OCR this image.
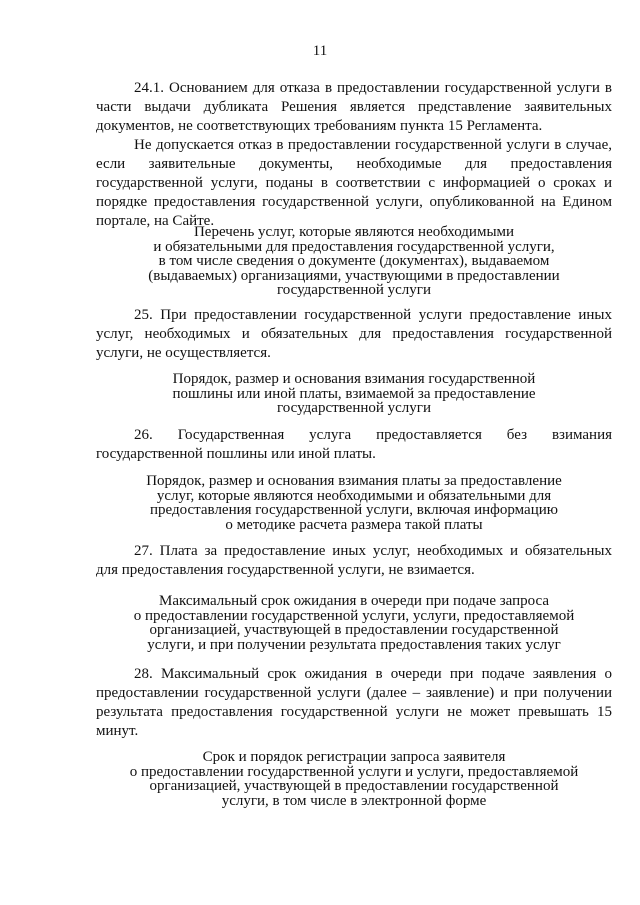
11

24.1. Основанием для отказа в предоставлении государственной услуги в части выдачи дубликата Решения является представление заявительных документов, не соответствующих требованиям пункта 15 Регламента.

Не допускается отказ в предоставлении государственной услуги в случае, если заявительные документы, необходимые для предоставления государственной услуги, поданы в соответствии с информацией о сроках и порядке предоставления государственной услуги, опубликованной на Едином портале, на Сайте.

Перечень услуг, которые являются необходимыми
и обязательными для предоставления государственной услуги,
в том числе сведения о документе (документах), выдаваемом
(выдаваемых) организациями, участвующими в предоставлении
государственной услуги

25. При предоставлении государственной услуги предоставление иных услуг, необходимых и обязательных для предоставления государственной услуги, не осуществляется.

Порядок, размер и основания взимания государственной
пошлины или иной платы, взимаемой за предоставление
государственной услуги

26. Государственная услуга предоставляется без взимания государственной пошлины или иной платы.

Порядок, размер и основания взимания платы за предоставление
услуг, которые являются необходимыми и обязательными для
предоставления государственной услуги, включая информацию
о методике расчета размера такой платы

27. Плата за предоставление иных услуг, необходимых и обязательных для предоставления государственной услуги, не взимается.

Максимальный срок ожидания в очереди при подаче запроса
о предоставлении государственной услуги, услуги, предоставляемой
организацией, участвующей в предоставлении государственной
услуги, и при получении результата предоставления таких услуг

28. Максимальный срок ожидания в очереди при подаче заявления о предоставлении государственной услуги (далее – заявление) и при получении результата предоставления государственной услуги не может превышать 15 минут.

Срок и порядок регистрации запроса заявителя
о предоставлении государственной услуги и услуги, предоставляемой
организацией, участвующей в предоставлении государственной
услуги, в том числе в электронной форме
